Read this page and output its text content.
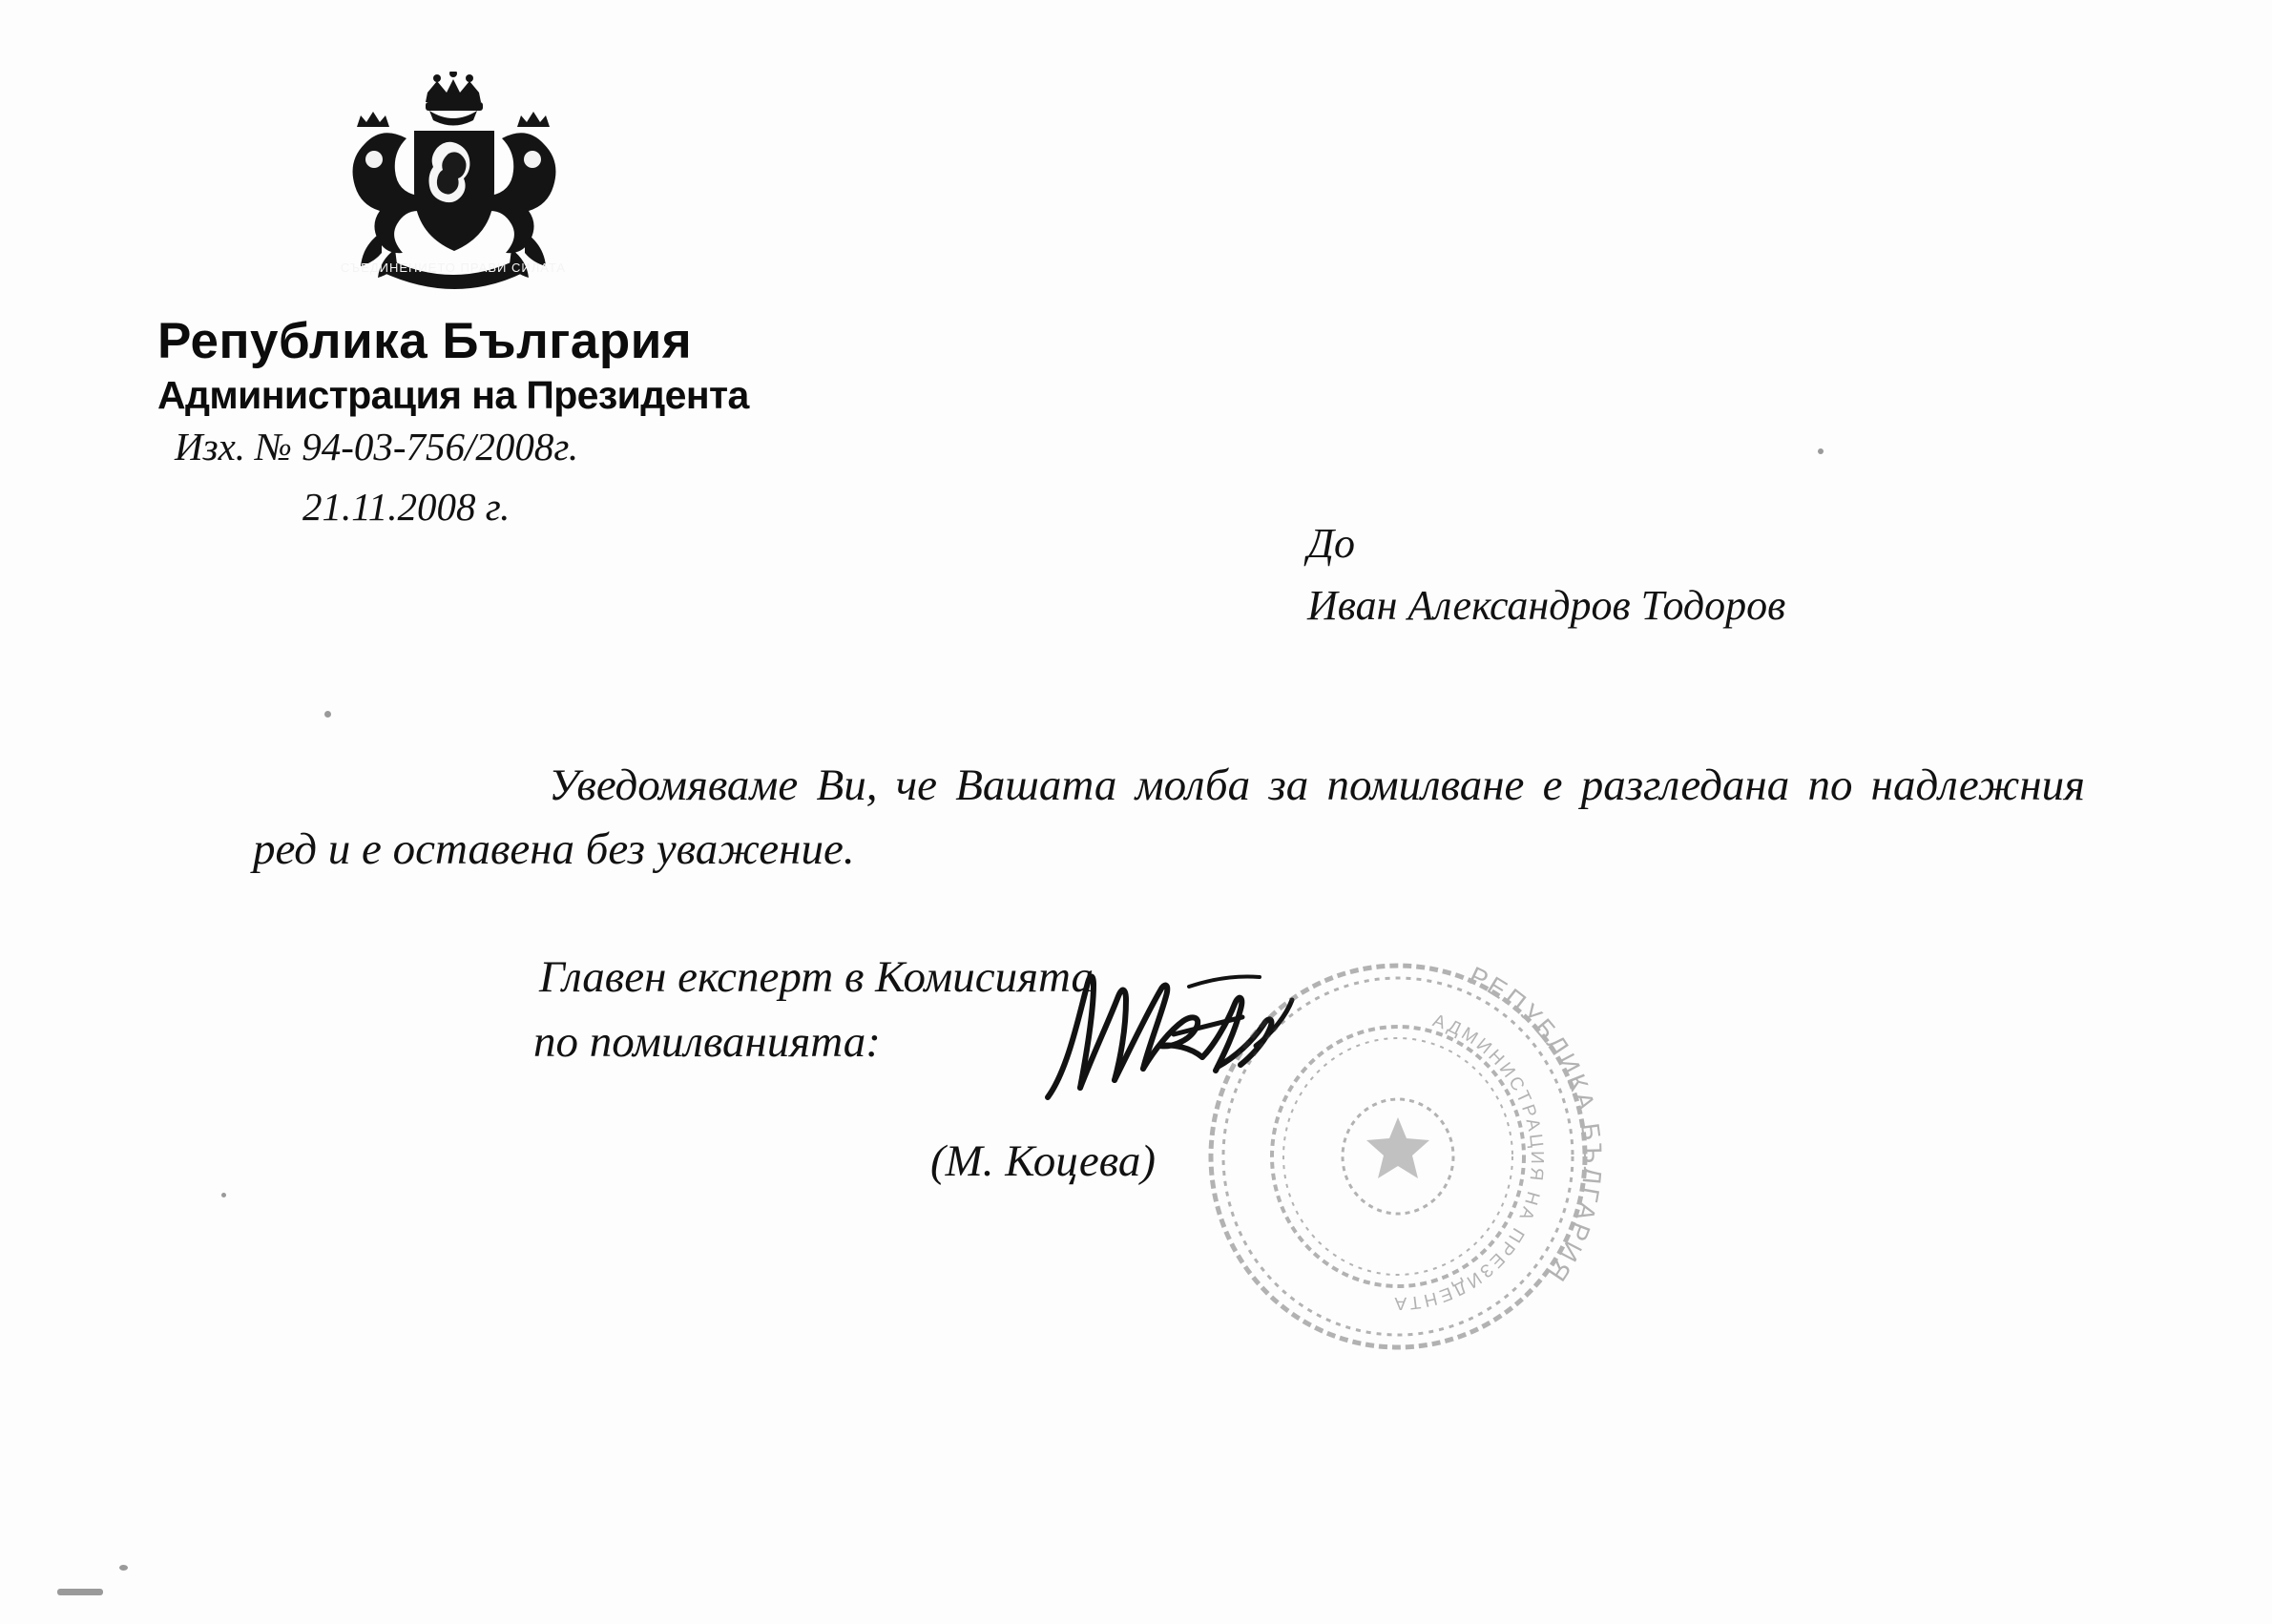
СЪЕДИНЕНИЕТО ПРАВИ СИЛАТА
Република България
Администрация на Президента
Изх. № 94-03-756/2008г.
21.11.2008 г.
До
Иван Александров Тодоров

Уведомяваме Ви, че Вашата молба за помилване е разгледана по надлежния ред и е оставена без уважение.

Главен експерт в Комисията
по помилванията:
(М. Коцева)
РЕПУБЛИКА БЪЛГАРИЯ
АДМИНИСТРАЦИЯ НА ПРЕЗИДЕНТА
